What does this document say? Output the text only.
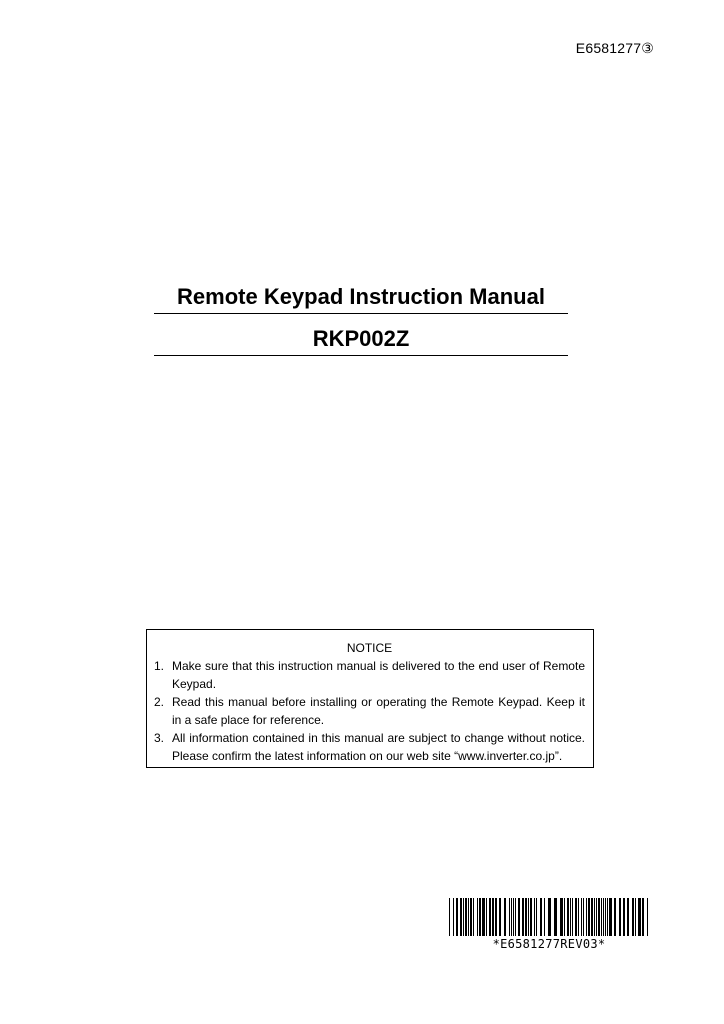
E6581277③
Remote Keypad Instruction Manual
RKP002Z
NOTICE
1. Make sure that this instruction manual is delivered to the end user of Remote Keypad.
2. Read this manual before installing or operating the Remote Keypad. Keep it in a safe place for reference.
3. All information contained in this manual are subject to change without notice. Please confirm the latest information on our web site “www.inverter.co.jp”.
*E6581277REV03*
